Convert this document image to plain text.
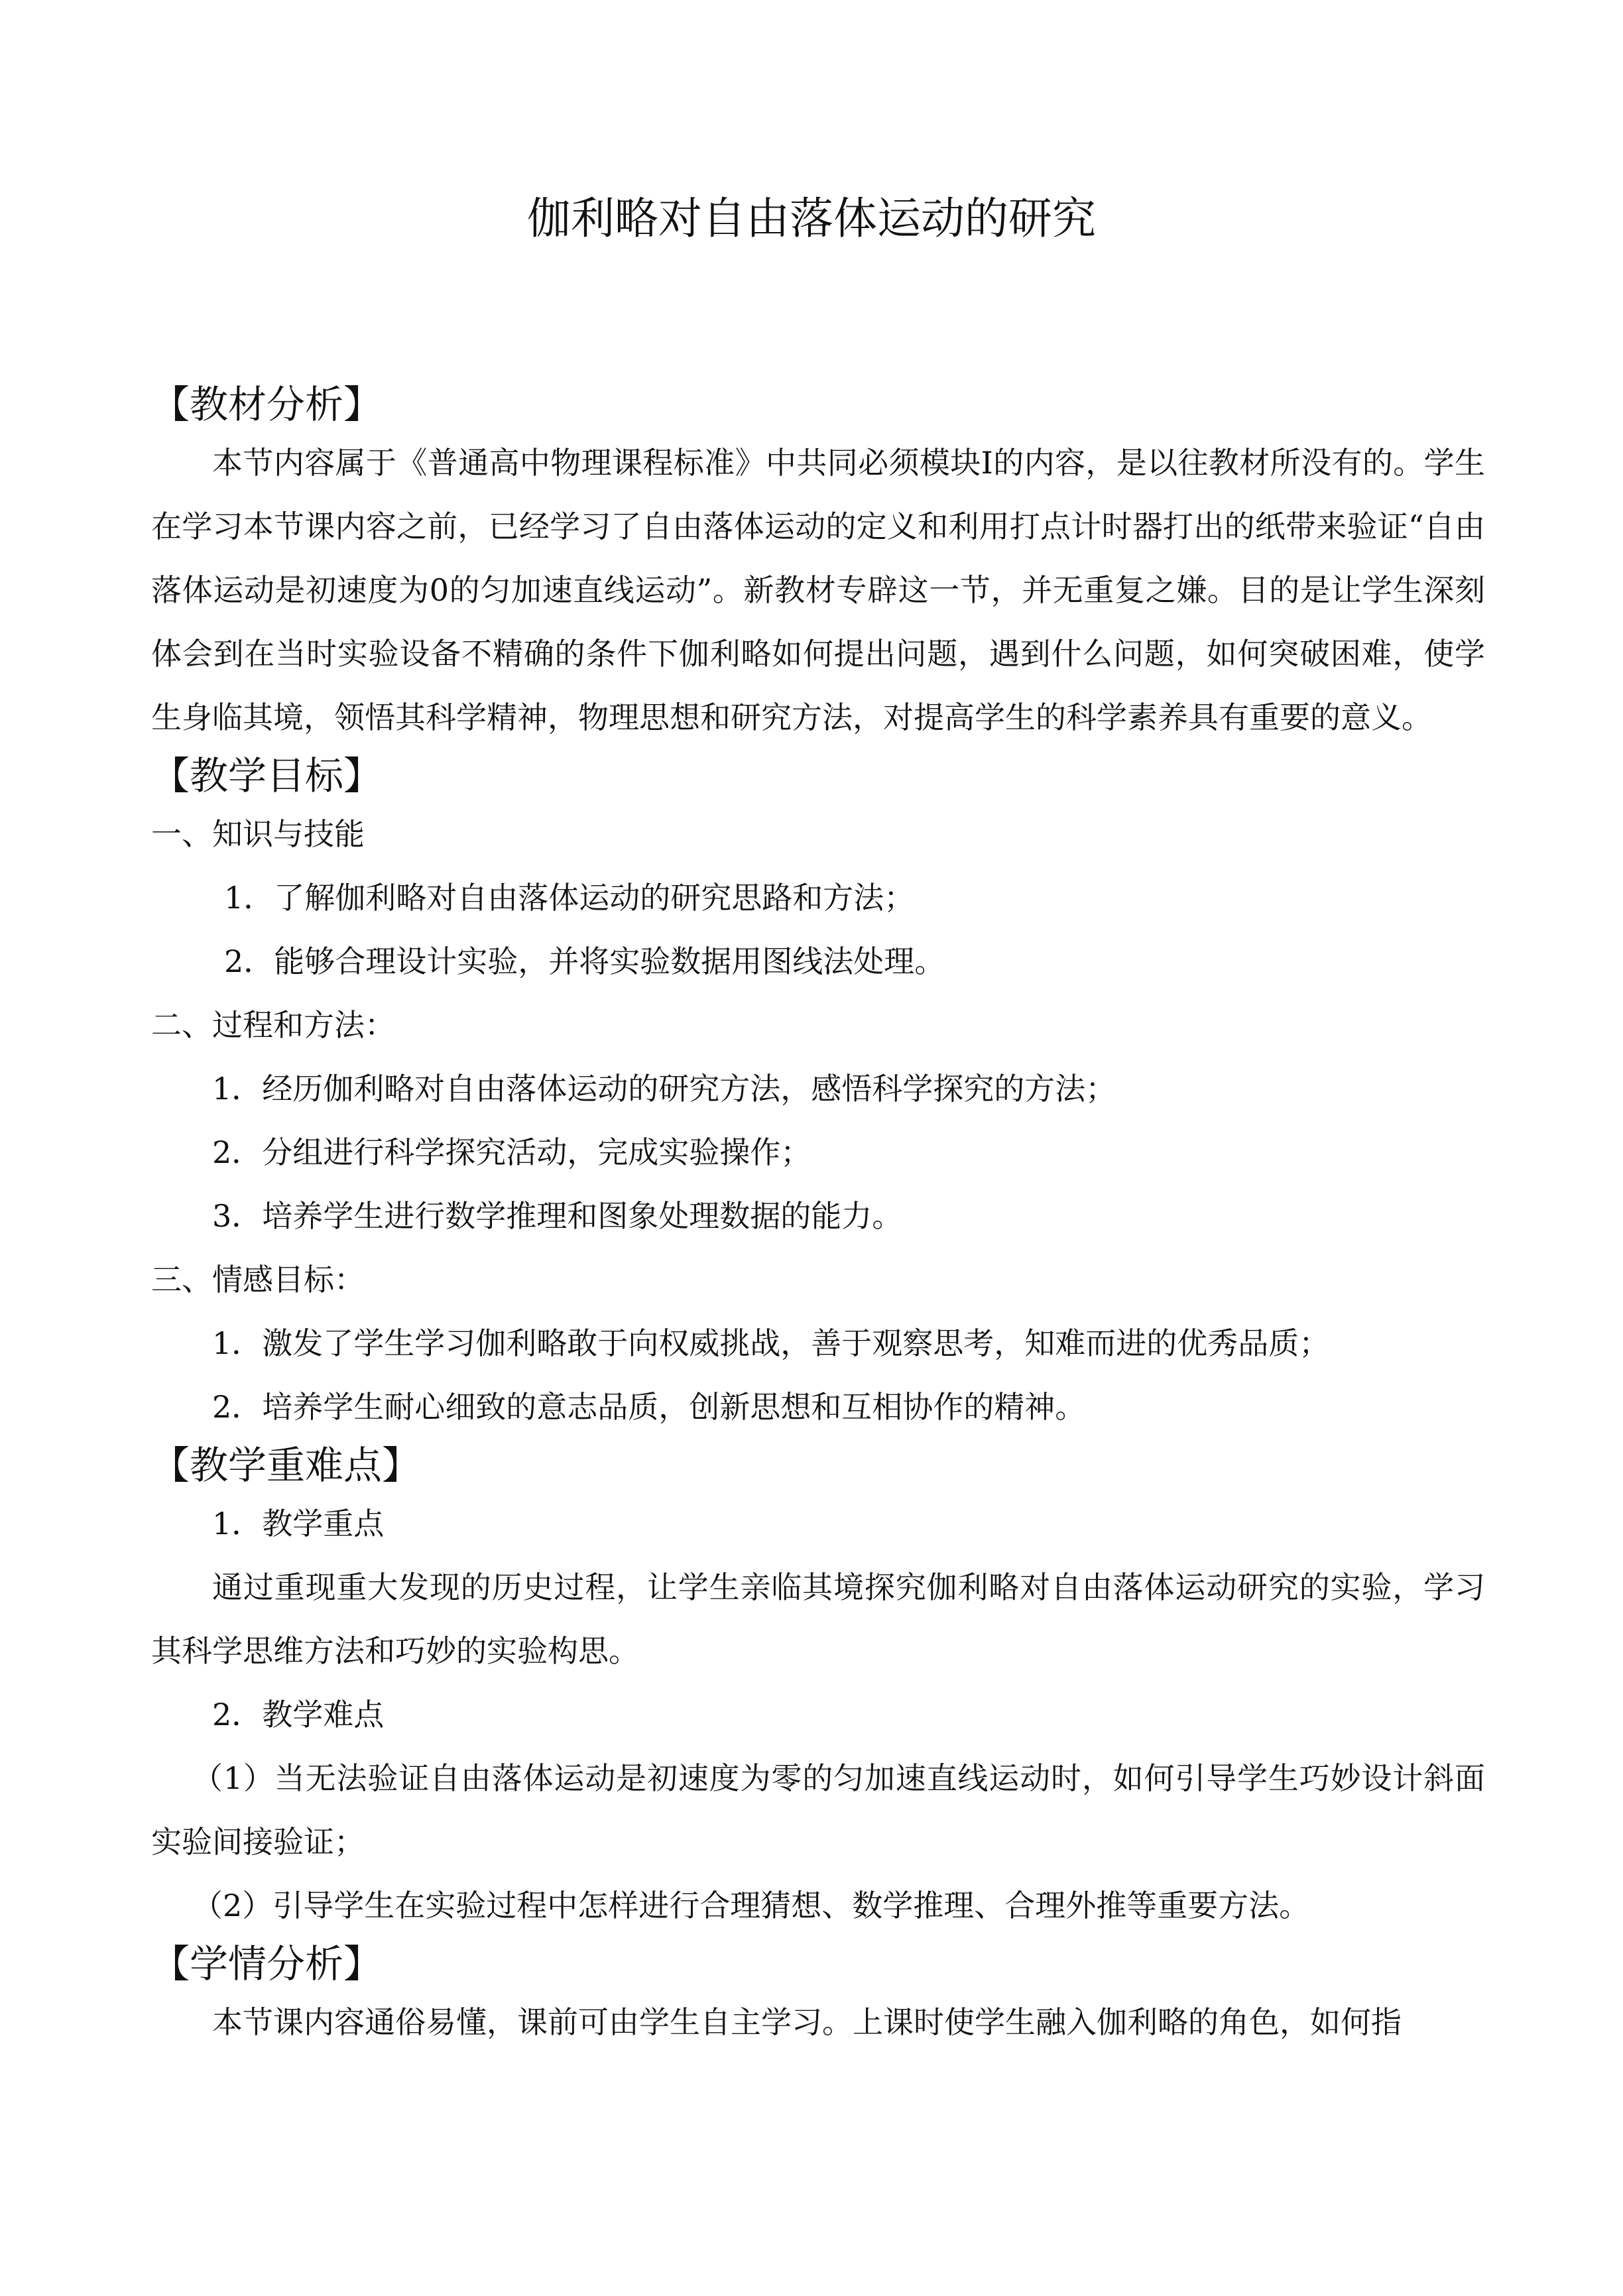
伽利略对自由落体运动的研究
【教材分析】

本节内容属于《普通高中物理课程标准》中共同必须模块Ⅰ的内容，是以往教材所没有的。学生在学习本节课内容之前，已经学习了自由落体运动的定义和利用打点计时器打出的纸带来验证“自由落体运动是初速度为0的匀加速直线运动”。新教材专辟这一节，并无重复之嫌。目的是让学生深刻体会到在当时实验设备不精确的条件下伽利略如何提出问题，遇到什么问题，如何突破困难，使学生身临其境，领悟其科学精神，物理思想和研究方法，对提高学生的科学素养具有重要的意义。

【教学目标】

一、知识与技能

1．了解伽利略对自由落体运动的研究思路和方法；

2．能够合理设计实验，并将实验数据用图线法处理。

二、过程和方法：

1．经历伽利略对自由落体运动的研究方法，感悟科学探究的方法；

2．分组进行科学探究活动，完成实验操作；

3．培养学生进行数学推理和图象处理数据的能力。

三、情感目标：

1．激发了学生学习伽利略敢于向权威挑战，善于观察思考，知难而进的优秀品质；

2．培养学生耐心细致的意志品质，创新思想和互相协作的精神。

【教学重难点】

1．教学重点

通过重现重大发现的历史过程，让学生亲临其境探究伽利略对自由落体运动研究的实验，学习其科学思维方法和巧妙的实验构思。

2．教学难点

（1）当无法验证自由落体运动是初速度为零的匀加速直线运动时，如何引导学生巧妙设计斜面实验间接验证；

（2）引导学生在实验过程中怎样进行合理猜想、数学推理、合理外推等重要方法。

【学情分析】

本节课内容通俗易懂，课前可由学生自主学习。上课时使学生融入伽利略的角色，如何指
